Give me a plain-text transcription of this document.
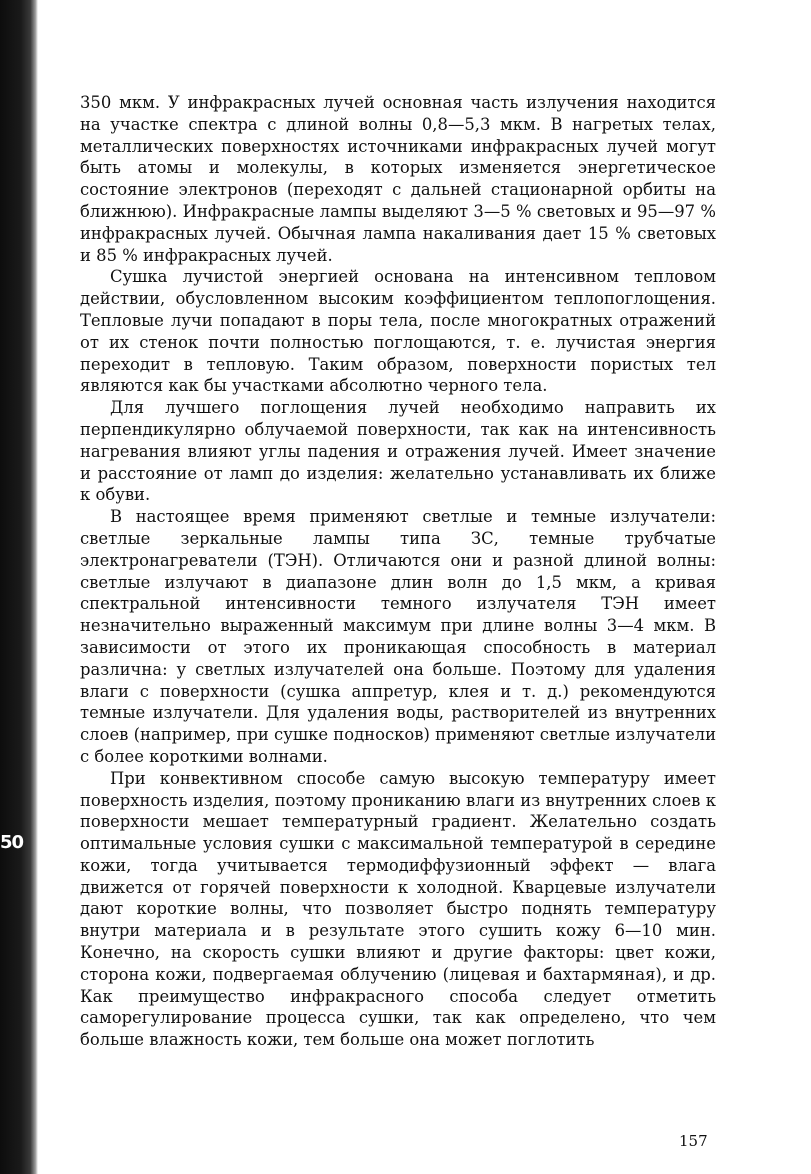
50

350 мкм. У инфракрасных лучей основная часть излучения находится на участке спектра с длиной волны 0,8—5,3 мкм. В нагретых телах, металлических поверхностях источниками инфракрасных лучей могут быть атомы и молекулы, в которых изменяется энергетическое состояние электронов (переходят с дальней стационарной орбиты на ближнюю). Инфракрасные лампы выделяют 3—5 % световых и 95—97 % инфракрасных лучей. Обычная лампа накаливания дает 15 % световых и 85 % инфракрасных лучей.

Сушка лучистой энергией основана на интенсивном тепловом действии, обусловленном высоким коэффициентом теплопоглощения. Тепловые лучи попадают в поры тела, после многократных отражений от их стенок почти полностью поглощаются, т. е. лучистая энергия переходит в тепловую. Таким образом, поверхности пористых тел являются как бы участками абсолютно черного тела.

Для лучшего поглощения лучей необходимо направить их перпендикулярно облучаемой поверхности, так как на интенсивность нагревания влияют углы падения и отражения лучей. Имеет значение и расстояние от ламп до изделия: желательно устанавливать их ближе к обуви.

В настоящее время применяют светлые и темные излучатели: светлые зеркальные лампы типа ЗС, темные трубчатые электронагреватели (ТЭН). Отличаются они и разной длиной волны: светлые излучают в диапазоне длин волн до 1,5 мкм, а кривая спектральной интенсивности темного излучателя ТЭН имеет незначительно выраженный максимум при длине волны 3—4 мкм. В зависимости от этого их проникающая способность в материал различна: у светлых излучателей она больше. Поэтому для удаления влаги с поверхности (сушка аппретур, клея и т. д.) рекомендуются темные излучатели. Для удаления воды, растворителей из внутренних слоев (например, при сушке подносков) применяют светлые излучатели с более короткими волнами.

При конвективном способе самую высокую температуру имеет поверхность изделия, поэтому прониканию влаги из внутренних слоев к поверхности мешает температурный градиент. Желательно создать оптимальные условия сушки с максимальной температурой в середине кожи, тогда учитывается термодиффузионный эффект — влага движется от горячей поверхности к холодной. Кварцевые излучатели дают короткие волны, что позволяет быстро поднять температуру внутри материала и в результате этого сушить кожу 6—10 мин. Конечно, на скорость сушки влияют и другие факторы: цвет кожи, сторона кожи, подвергаемая облучению (лицевая и бахтармяная), и др. Как преимущество инфракрасного способа следует отметить саморегулирование процесса сушки, так как определено, что чем больше влажность кожи, тем больше она может поглотить

157
